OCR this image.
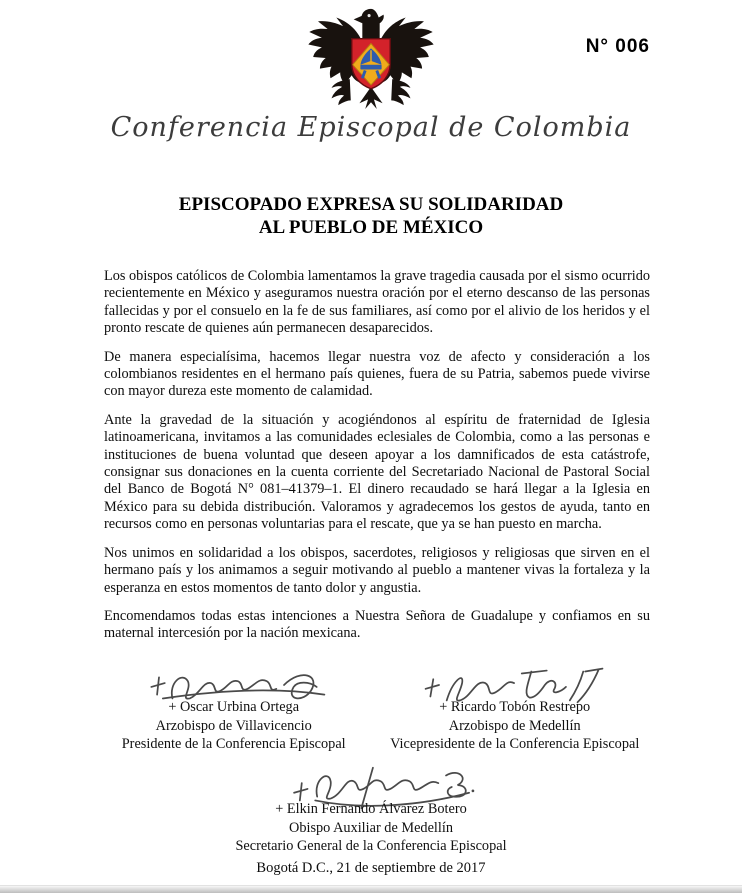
N° 006
Conferencia Episcopal de Colombia
EPISCOPADO EXPRESA SU SOLIDARIDAD
AL PUEBLO DE MÉXICO

Los obispos católicos de Colombia lamentamos la grave tragedia causada por el sismo ocurrido recientemente en México y aseguramos nuestra oración por el eterno descanso de las personas fallecidas y por el consuelo en la fe de sus familiares, así como por el alivio de los heridos y el pronto rescate de quienes aún permanecen desaparecidos.

De manera especialísima, hacemos llegar nuestra voz de afecto y consideración a los colombianos residentes en el hermano país quienes, fuera de su Patria, sabemos puede vivirse con mayor dureza este momento de calamidad.

Ante la gravedad de la situación y acogiéndonos al espíritu de fraternidad de Iglesia latinoamericana, invitamos a las comunidades eclesiales de Colombia, como a las personas e instituciones de buena voluntad que deseen apoyar a los damnificados de esta catástrofe, consignar sus donaciones en la cuenta corriente del Secretariado Nacional de Pastoral Social del Banco de Bogotá N° 081–41379–1. El dinero recaudado se hará llegar a la Iglesia en México para su debida distribución. Valoramos y agradecemos los gestos de ayuda, tanto en recursos como en personas voluntarias para el rescate, que ya se han puesto en marcha.

Nos unimos en solidaridad a los obispos, sacerdotes, religiosos y religiosas que sirven en el hermano país y los animamos a seguir motivando al pueblo a mantener vivas la fortaleza y la esperanza en estos momentos de tanto dolor y angustia.

Encomendamos todas estas intenciones a Nuestra Señora de Guadalupe y confiamos en su maternal intercesión por la nación mexicana.

+ Oscar Urbina Ortega
Arzobispo de Villavicencio
Presidente de la Conferencia Episcopal
+ Ricardo Tobón Restrepo
Arzobispo de Medellín
Vicepresidente de la Conferencia Episcopal
+ Elkin Fernando Álvarez Botero
Obispo Auxiliar de Medellín
Secretario General de la Conferencia Episcopal
Bogotá D.C., 21 de septiembre de 2017
